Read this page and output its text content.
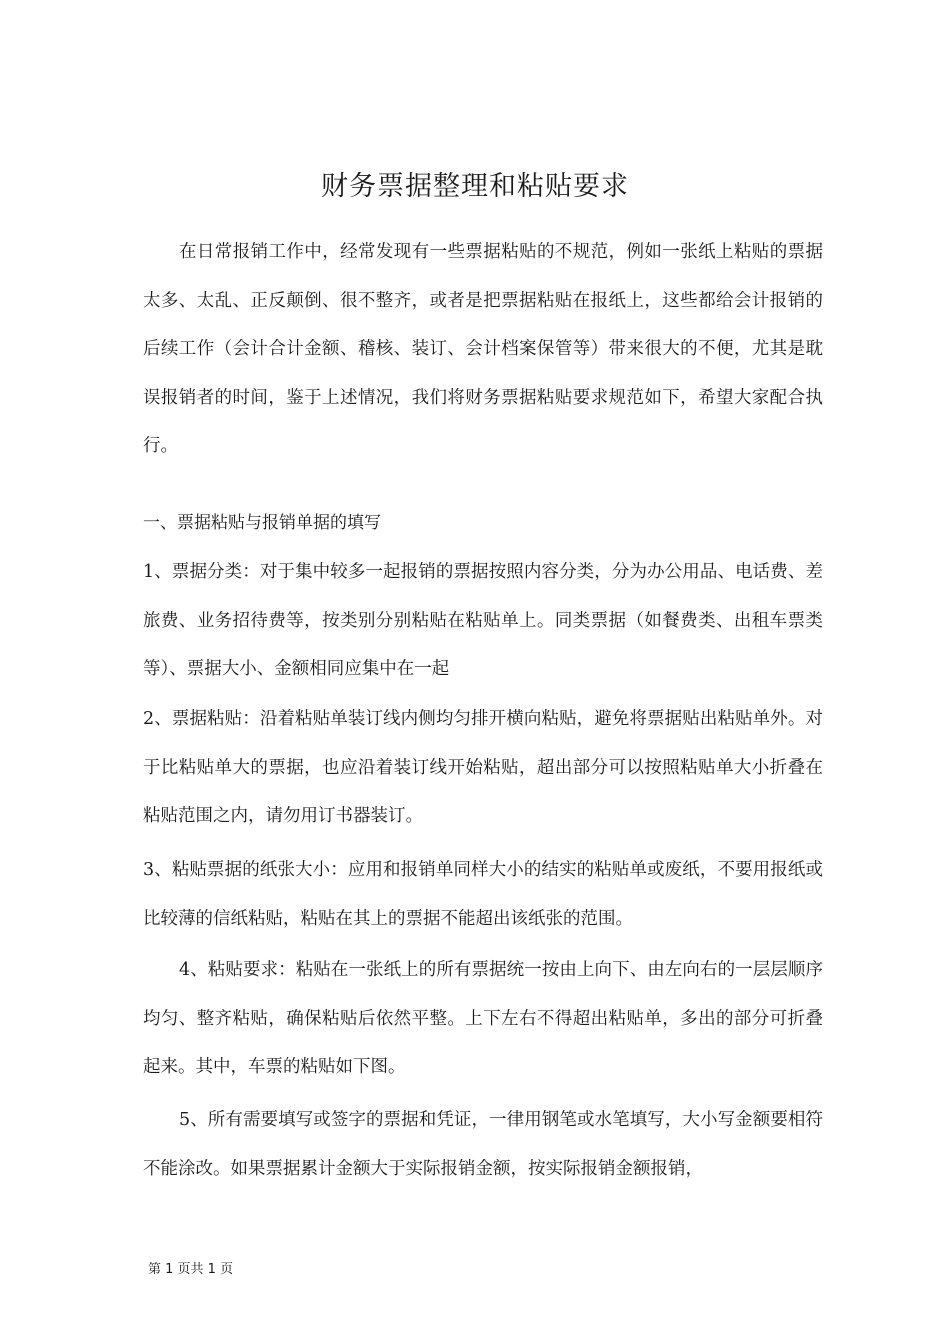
财务票据整理和粘贴要求

在日常报销工作中，经常发现有一些票据粘贴的不规范，例如一张纸上粘贴的票据太多、太乱、正反颠倒、很不整齐，或者是把票据粘贴在报纸上，这些都给会计报销的后续工作（会计合计金额、稽核、装订、会计档案保管等）带来很大的不便，尤其是耽误报销者的时间，鉴于上述情况，我们将财务票据粘贴要求规范如下，希望大家配合执行。

一、票据粘贴与报销单据的填写

1、票据分类：对于集中较多一起报销的票据按照内容分类，分为办公用品、电话费、差旅费、业务招待费等，按类别分别粘贴在粘贴单上。同类票据（如餐费类、出租车票类等）、票据大小、金额相同应集中在一起

2、票据粘贴：沿着粘贴单装订线内侧均匀排开横向粘贴，避免将票据贴出粘贴单外。对于比粘贴单大的票据，也应沿着装订线开始粘贴，超出部分可以按照粘贴单大小折叠在粘贴范围之内，请勿用订书器装订。

3、粘贴票据的纸张大小：应用和报销单同样大小的结实的粘贴单或废纸，不要用报纸或比较薄的信纸粘贴，粘贴在其上的票据不能超出该纸张的范围。

4、粘贴要求：粘贴在一张纸上的所有票据统一按由上向下、由左向右的一层层顺序均匀、整齐粘贴，确保粘贴后依然平整。上下左右不得超出粘贴单，多出的部分可折叠起来。其中，车票的粘贴如下图。

5、所有需要填写或签字的票据和凭证，一律用钢笔或水笔填写，大小写金额要相符不能涂改。如果票据累计金额大于实际报销金额，按实际报销金额报销，

第 1 页共 1 页
